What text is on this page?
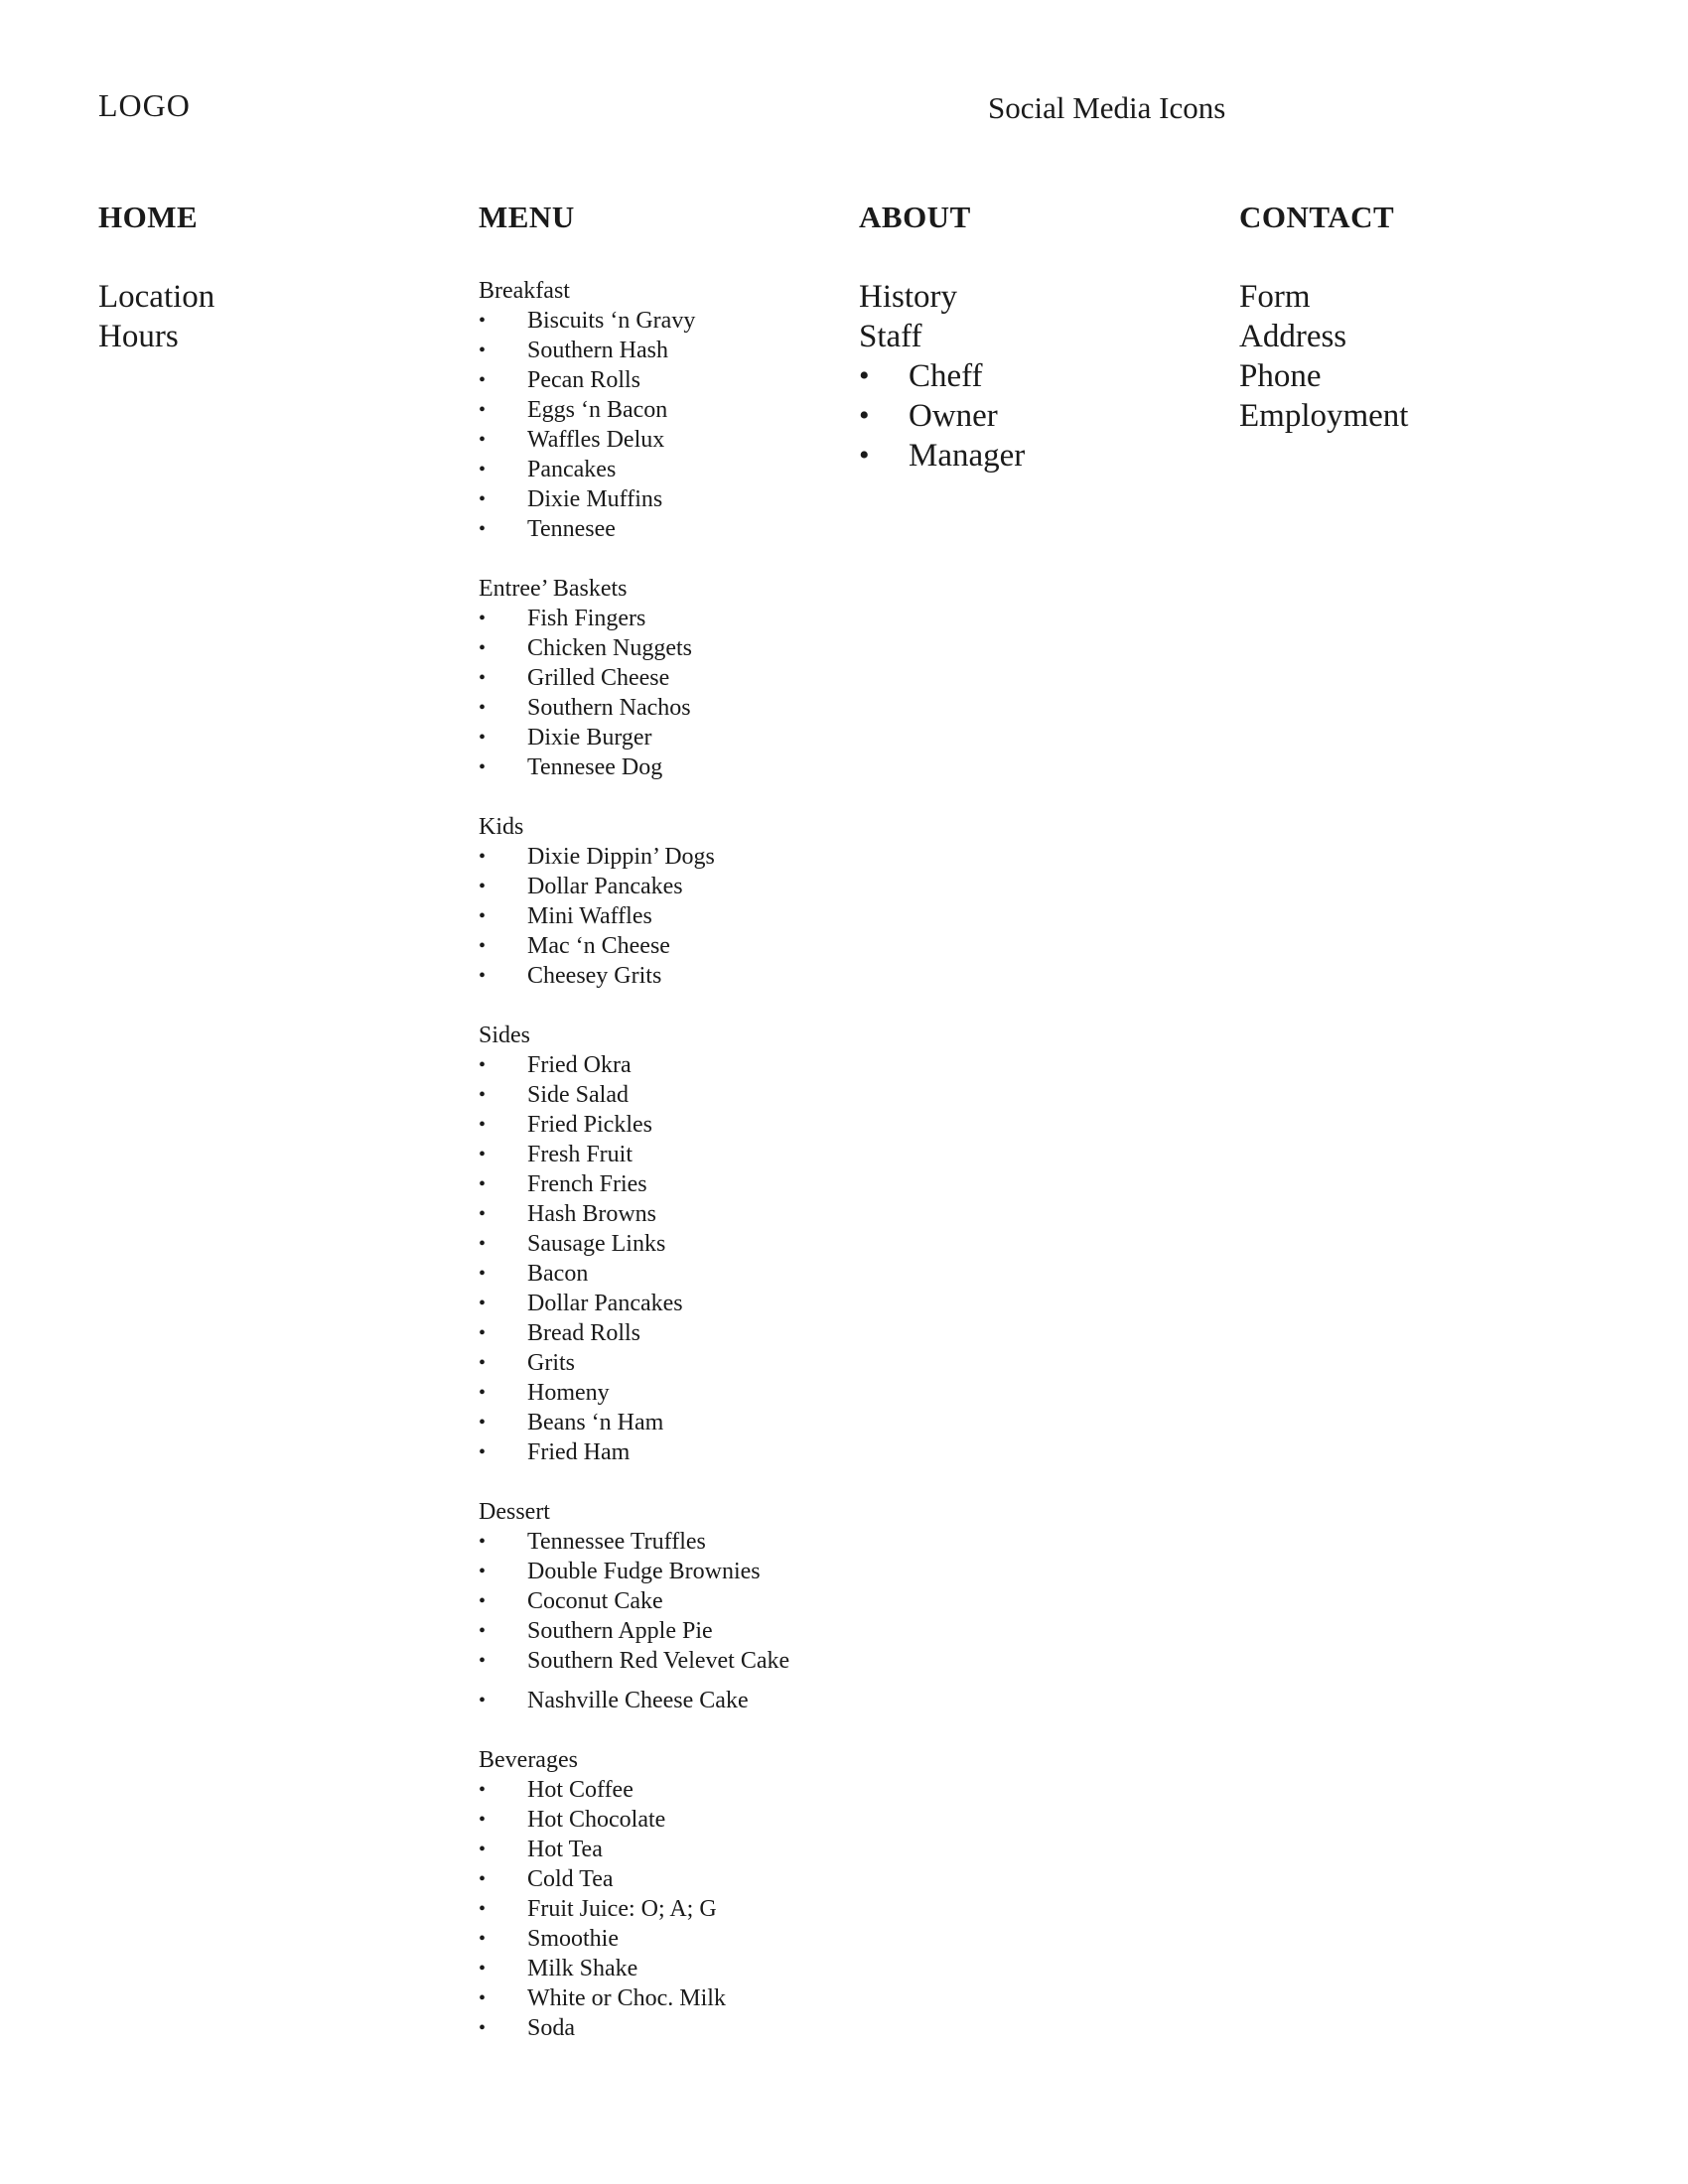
LOGO	Social Media Icons
HOME
Location
Hours
MENU
Breakfast
• Biscuits ‘n Gravy
• Southern Hash
• Pecan Rolls
• Eggs ‘n Bacon
• Waffles Delux
• Pancakes
• Dixie Muffins
• Tennesee
Entree’ Baskets
• Fish Fingers
• Chicken Nuggets
• Grilled Cheese
• Southern Nachos
• Dixie Burger
• Tennesee Dog
Kids
• Dixie Dippin’ Dogs
• Dollar Pancakes
• Mini Waffles
• Mac ‘n Cheese
• Cheesey Grits
Sides
• Fried Okra
• Side Salad
• Fried Pickles
• Fresh Fruit
• French Fries
• Hash Browns
• Sausage Links
• Bacon
• Dollar Pancakes
• Bread Rolls
• Grits
• Homeny
• Beans ‘n Ham
• Fried Ham
Dessert
• Tennessee Truffles
• Double Fudge Brownies
• Coconut Cake
• Southern Apple Pie
• Southern Red Velevet Cake
• Nashville Cheese Cake
Beverages
• Hot Coffee
• Hot Chocolate
• Hot Tea
• Cold Tea
• Fruit Juice: O; A; G
• Smoothie
• Milk Shake
• White or Choc. Milk
• Soda
ABOUT
History
Staff
• Cheff
• Owner
• Manager
CONTACT
Form
Address
Phone
Employment
